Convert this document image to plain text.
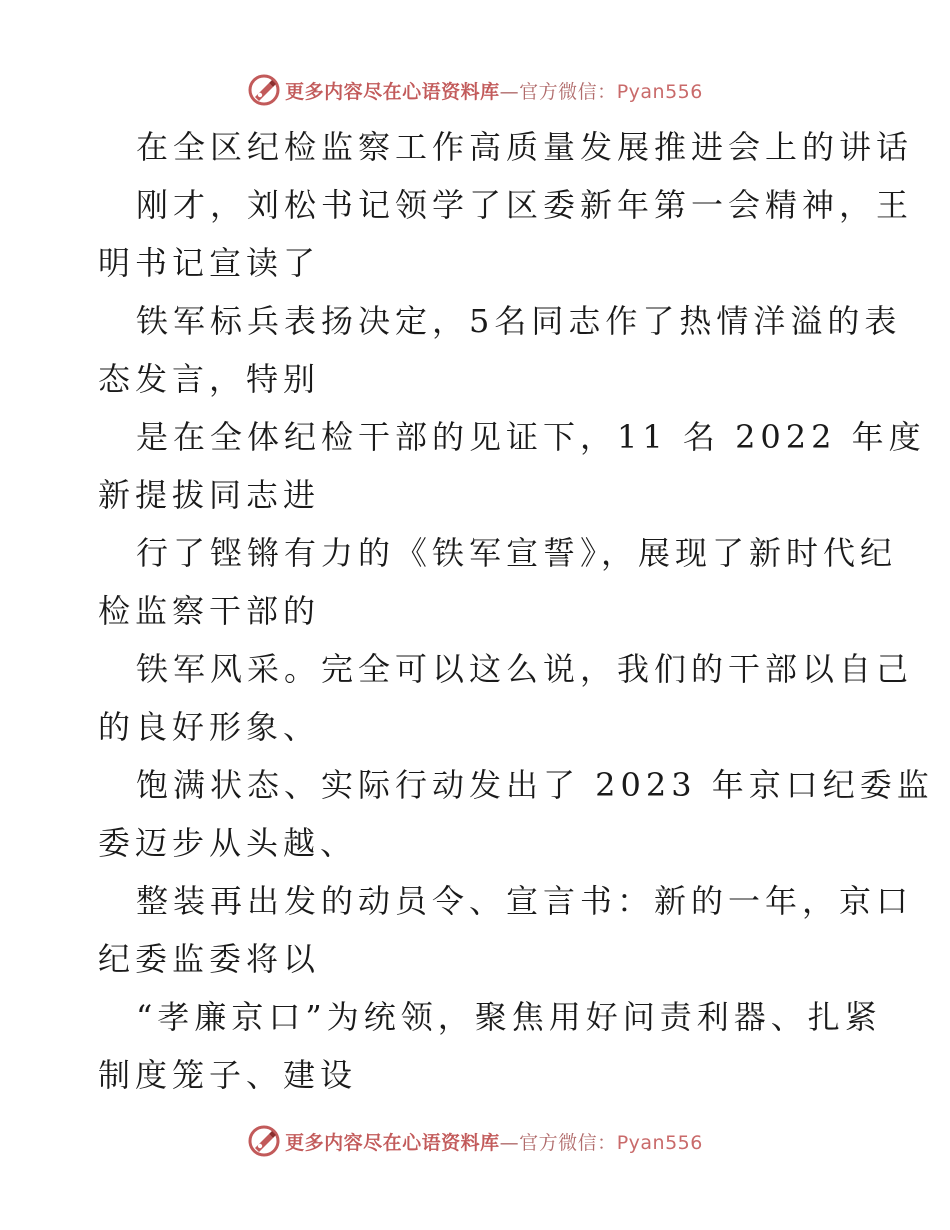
更多内容尽在心语资料库—官方微信：Pyan556
在全区纪检监察工作高质量发展推进会上的讲话
刚才，刘松书记领学了区委新年第一会精神，王
明书记宣读了
铁军标兵表扬决定，5名同志作了热情洋溢的表
态发言，特别
是在全体纪检干部的见证下，11 名 2022 年度
新提拔同志进
行了铿锵有力的《铁军宣誓》，展现了新时代纪
检监察干部的
铁军风采。完全可以这么说，我们的干部以自己
的良好形象、
饱满状态、实际行动发出了 2023 年京口纪委监
委迈步从头越、
整装再出发的动员令、宣言书：新的一年，京口
纪委监委将以
“孝廉京口”为统领，聚焦用好问责利器、扎紧
制度笼子、建设
更多内容尽在心语资料库—官方微信：Pyan556
